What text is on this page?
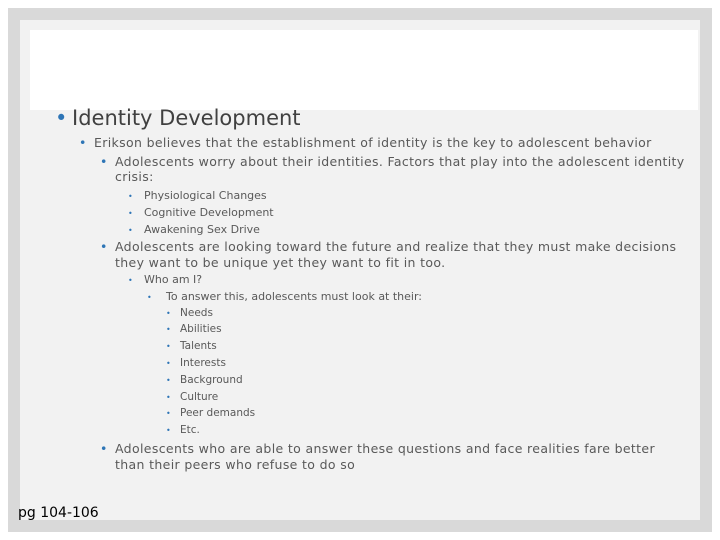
• Identity Development
• Erikson believes that the establishment of identity is the key to adolescent behavior
• Adolescents worry about their identities. Factors that play into the adolescent identity
crisis:
• Physiological Changes
• Cognitive Development
• Awakening Sex Drive
• Adolescents are looking toward the future and realize that they must make decisions
they want to be unique yet they want to fit in too.
• Who am I?
• To answer this, adolescents must look at their:
• Needs
• Abilities
• Talents
• Interests
• Background
• Culture
• Peer demands
• Etc.
• Adolescents who are able to answer these questions and face realities fare better
than their peers who refuse to do so
pg 104-106
